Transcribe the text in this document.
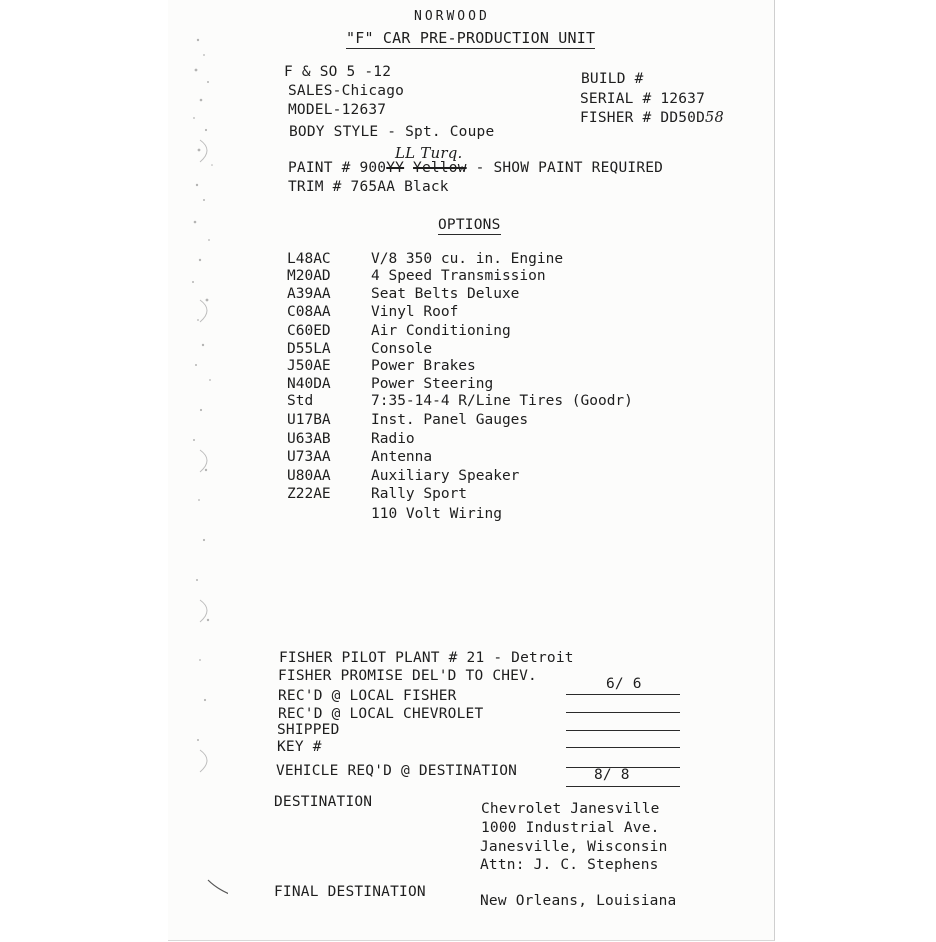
NORWOOD
"F" CAR PRE-PRODUCTION UNIT
F & SO 5 -12
SALES-Chicago
MODEL-12637
BODY STYLE - Spt. Coupe
BUILD #
SERIAL # 12637
FISHER # DD50D58
LL Turq.
PAINT # 900YY Yellow - SHOW PAINT REQUIRED
TRIM # 765AA Black
OPTIONS
L48AC	V/8 350 cu. in. Engine
M20AD	4 Speed Transmission
A39AA	Seat Belts Deluxe
C08AA	Vinyl Roof
C60ED	Air Conditioning
D55LA	Console
J50AE	Power Brakes
N40DA	Power Steering
Std	7:35-14-4 R/Line Tires (Goodr)
U17BA	Inst. Panel Gauges
U63AB	Radio
U73AA	Antenna
U80AA	Auxiliary Speaker
Z22AE	Rally Sport
110 Volt Wiring
FISHER PILOT PLANT # 21 - Detroit
FISHER PROMISE DEL'D TO CHEV.	6/ 6
REC'D @ LOCAL FISHER
REC'D @ LOCAL CHEVROLET
SHIPPED
KEY #
VEHICLE REQ'D @ DESTINATION	8/ 8
DESTINATION	Chevrolet Janesville
1000 Industrial Ave.
Janesville, Wisconsin
Attn: J. C. Stephens
FINAL DESTINATION
New Orleans, Louisiana
